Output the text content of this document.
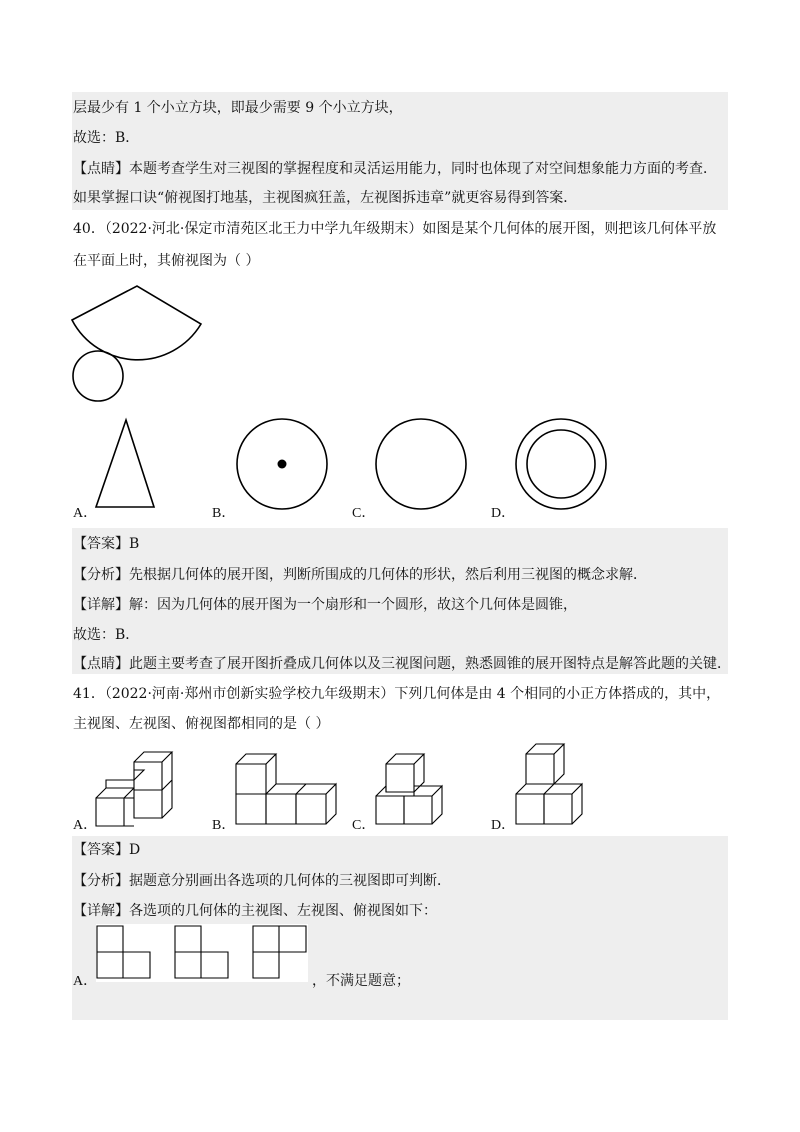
层最少有 1 个小立方块，即最少需要 9 个小立方块，
故选：B．
【点睛】本题考查学生对三视图的掌握程度和灵活运用能力，同时也体现了对空间想象能力方面的考查．
如果掌握口诀“俯视图打地基，主视图疯狂盖，左视图拆违章”就更容易得到答案．
40．（2022·河北·保定市清苑区北王力中学九年级期末）如图是某个几何体的展开图，则把该几何体平放
在平面上时，其俯视图为（ ）
A．	B．	C．	D．
【答案】B
【分析】先根据几何体的展开图，判断所围成的几何体的形状，然后利用三视图的概念求解．
【详解】解：因为几何体的展开图为一个扇形和一个圆形，故这个几何体是圆锥，
故选：B．
【点睛】此题主要考查了展开图折叠成几何体以及三视图问题，熟悉圆锥的展开图特点是解答此题的关键．
41．（2022·河南·郑州市创新实验学校九年级期末）下列几何体是由 4 个相同的小正方体搭成的，其中，
主视图、左视图、俯视图都相同的是（ ）
A．	B．	C．	D．
【答案】D
【分析】据题意分别画出各选项的几何体的三视图即可判断．
【详解】各选项的几何体的主视图、左视图、俯视图如下：
A．	，不满足题意；
